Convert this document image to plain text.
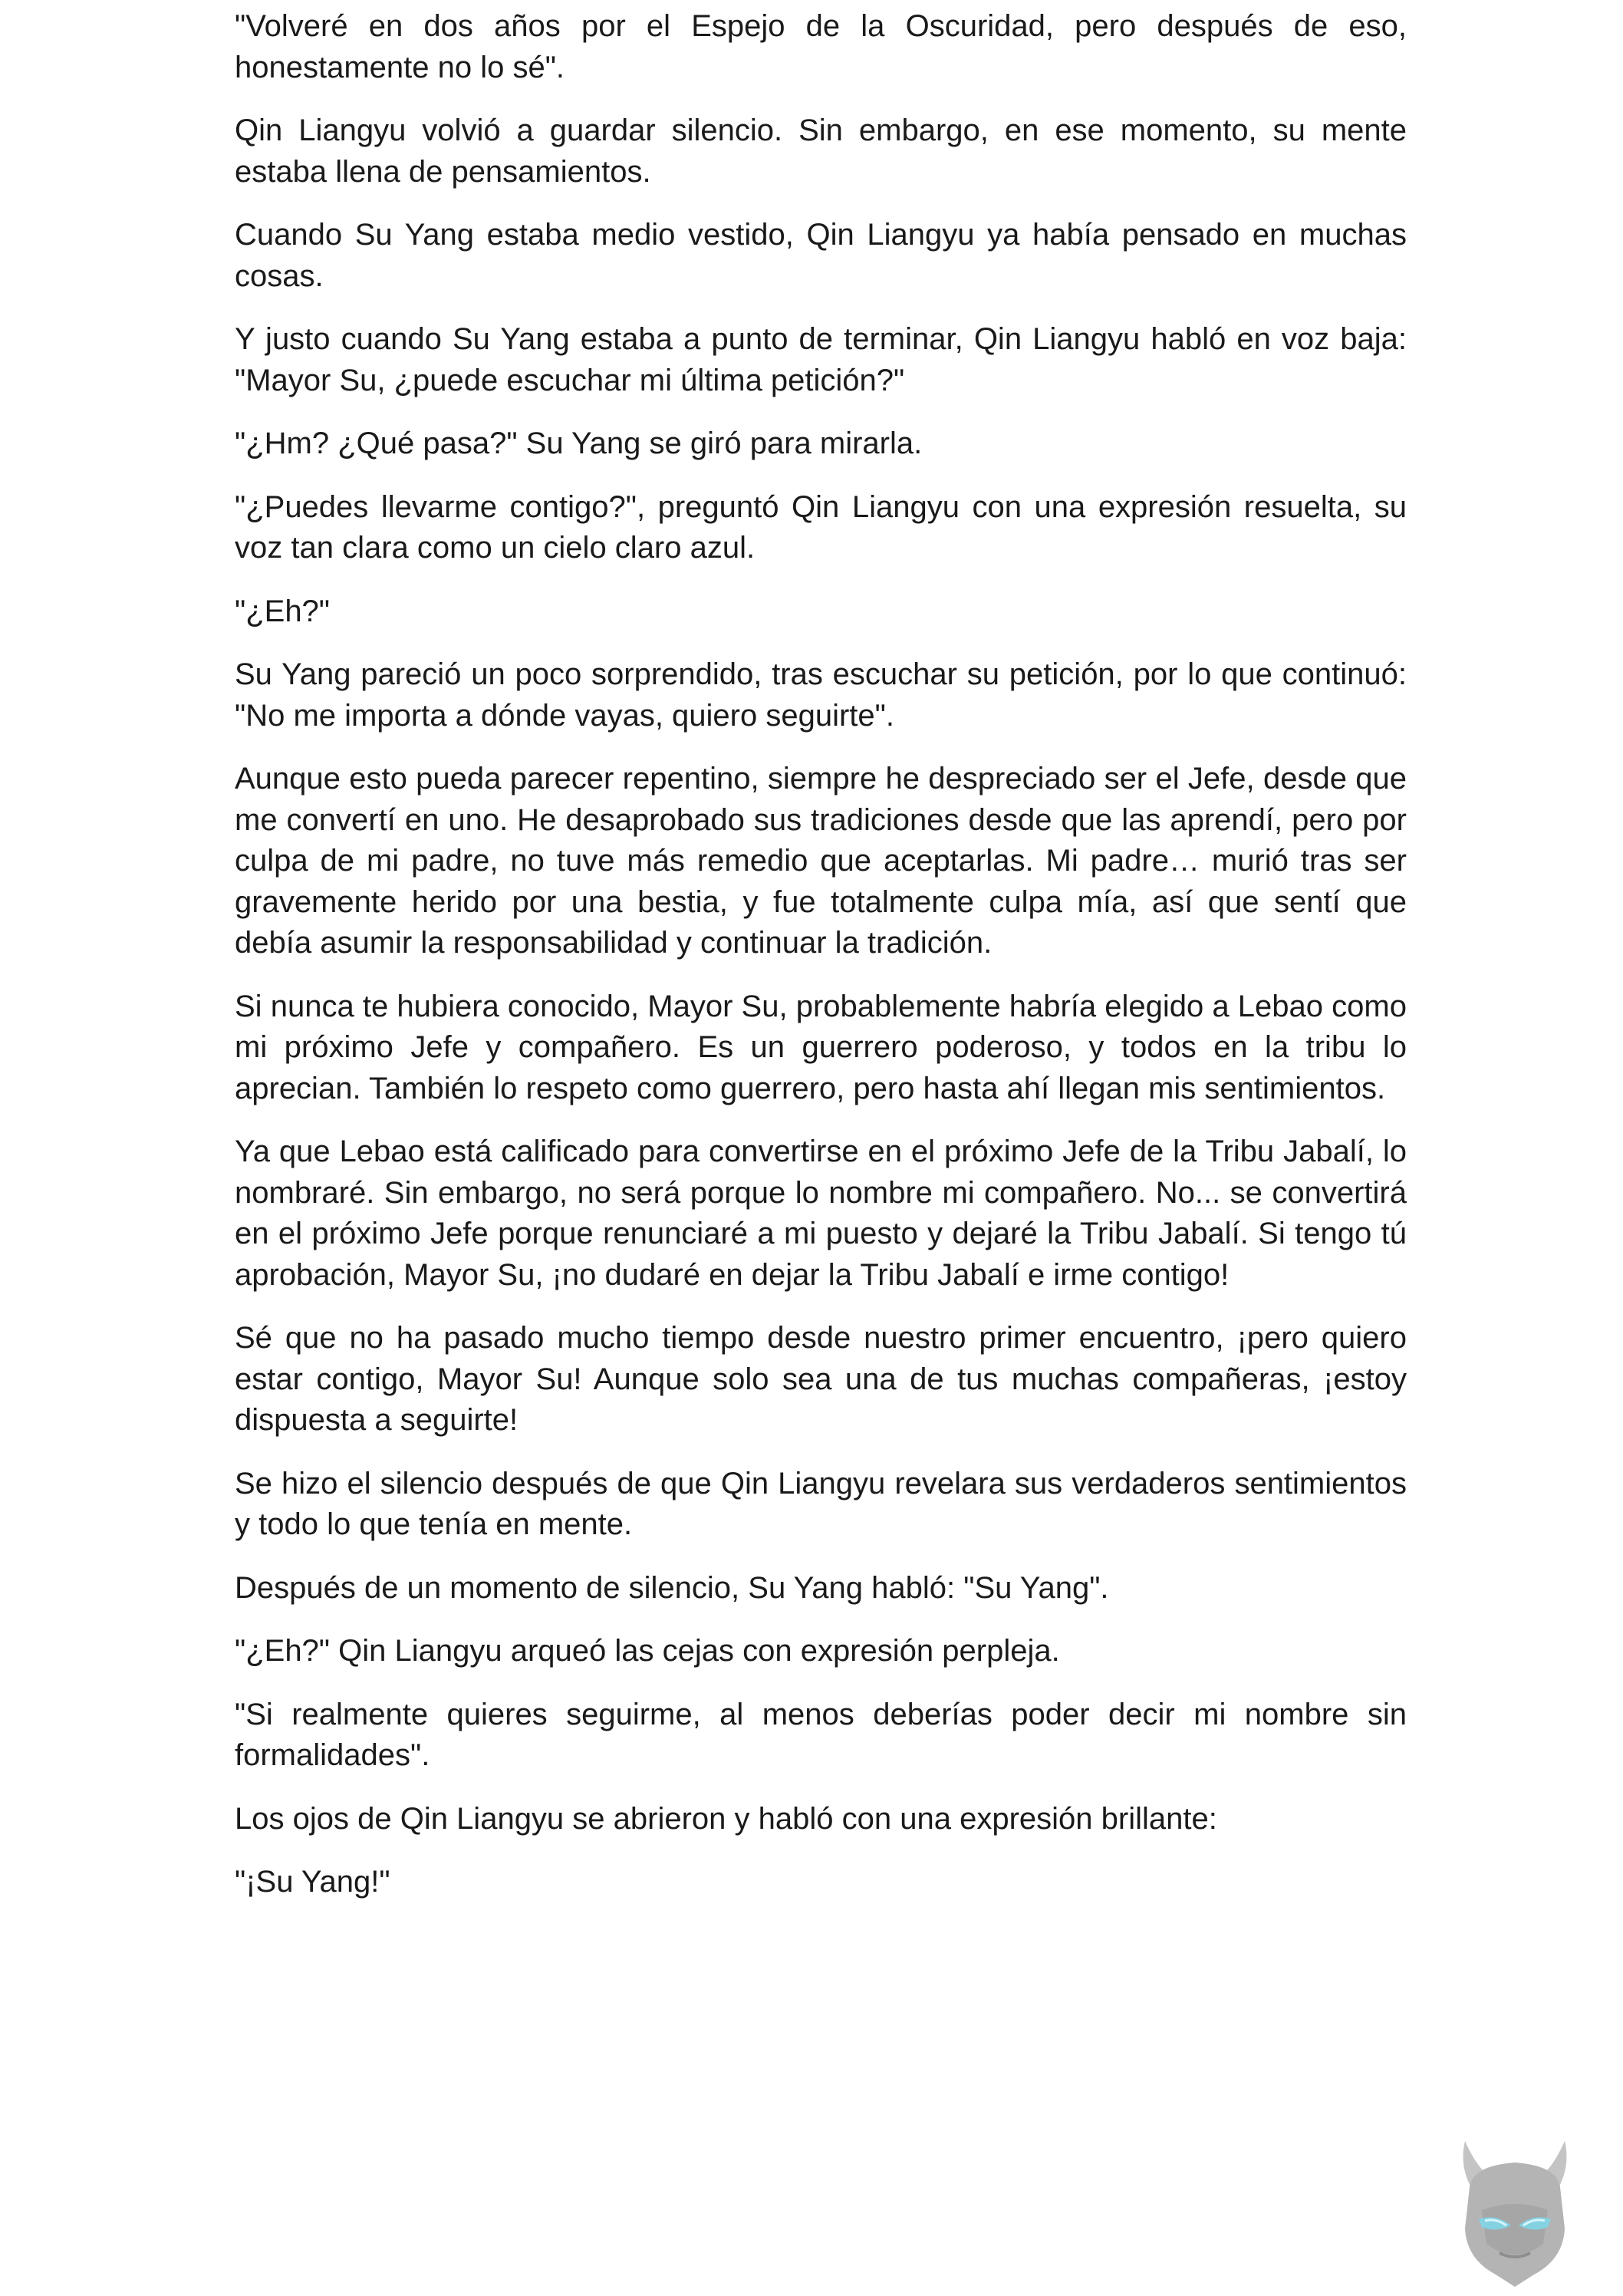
"Volveré en dos años por el Espejo de la Oscuridad, pero después de eso, honestamente no lo sé".

Qin Liangyu volvió a guardar silencio. Sin embargo, en ese momento, su mente estaba llena de pensamientos.

Cuando Su Yang estaba medio vestido, Qin Liangyu ya había pensado en muchas cosas.

Y justo cuando Su Yang estaba a punto de terminar, Qin Liangyu habló en voz baja: "Mayor Su, ¿puede escuchar mi última petición?"

"¿Hm? ¿Qué pasa?" Su Yang se giró para mirarla.

"¿Puedes llevarme contigo?", preguntó Qin Liangyu con una expresión resuelta, su voz tan clara como un cielo claro azul.

"¿Eh?"

Su Yang pareció un poco sorprendido, tras escuchar su petición, por lo que continuó: "No me importa a dónde vayas, quiero seguirte".

Aunque esto pueda parecer repentino, siempre he despreciado ser el Jefe, desde que me convertí en uno. He desaprobado sus tradiciones desde que las aprendí, pero por culpa de mi padre, no tuve más remedio que aceptarlas. Mi padre… murió tras ser gravemente herido por una bestia, y fue totalmente culpa mía, así que sentí que debía asumir la responsabilidad y continuar la tradición.

Si nunca te hubiera conocido, Mayor Su, probablemente habría elegido a Lebao como mi próximo Jefe y compañero. Es un guerrero poderoso, y todos en la tribu lo aprecian. También lo respeto como guerrero, pero hasta ahí llegan mis sentimientos.

Ya que Lebao está calificado para convertirse en el próximo Jefe de la Tribu Jabalí, lo nombraré. Sin embargo, no será porque lo nombre mi compañero. No... se convertirá en el próximo Jefe porque renunciaré a mi puesto y dejaré la Tribu Jabalí. Si tengo tú aprobación, Mayor Su, ¡no dudaré en dejar la Tribu Jabalí e irme contigo!

Sé que no ha pasado mucho tiempo desde nuestro primer encuentro, ¡pero quiero estar contigo, Mayor Su! Aunque solo sea una de tus muchas compañeras, ¡estoy dispuesta a seguirte!

Se hizo el silencio después de que Qin Liangyu revelara sus verdaderos sentimientos y todo lo que tenía en mente.

Después de un momento de silencio, Su Yang habló: "Su Yang".

"¿Eh?" Qin Liangyu arqueó las cejas con expresión perpleja.

"Si realmente quieres seguirme, al menos deberías poder decir mi nombre sin formalidades".

Los ojos de Qin Liangyu se abrieron y habló con una expresión brillante:

"¡Su Yang!"
